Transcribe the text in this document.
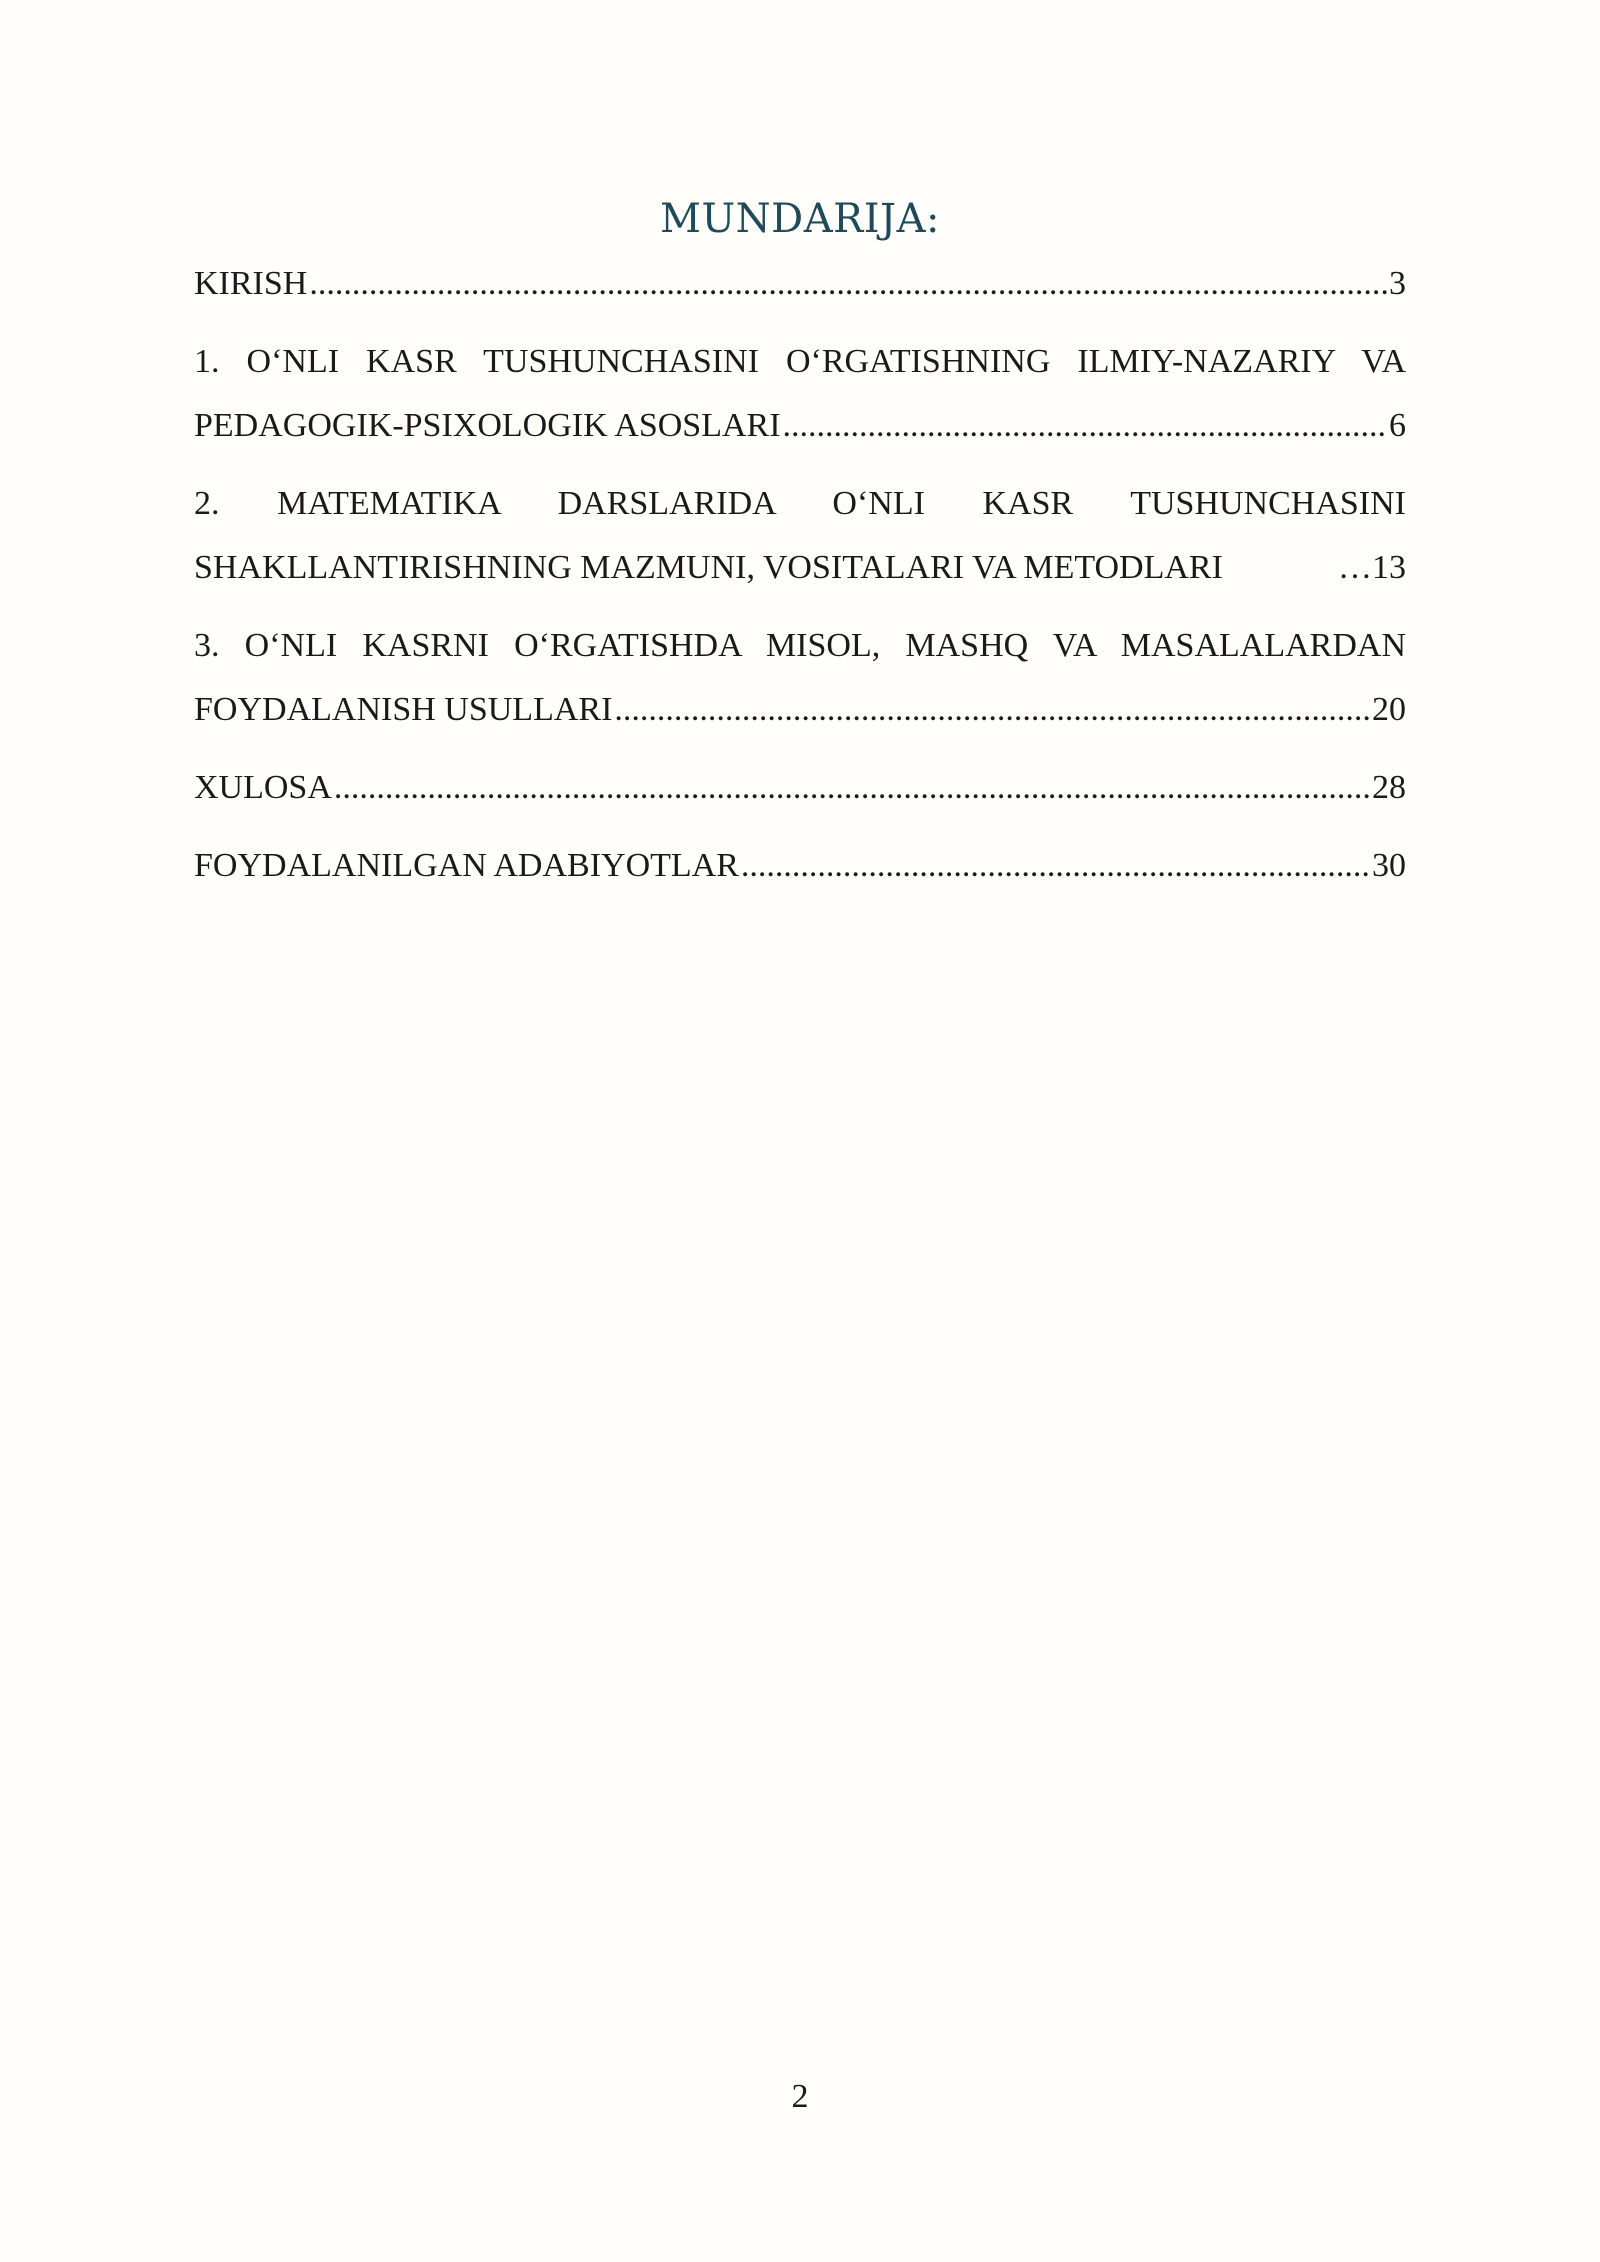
MUNDARIJA:
KIRISH .....	3
1. O‘NLI KASR TUSHUNCHASINI O‘RGATISHNING ILMIY-NAZARIY VA
PEDAGOGIK-PSIXOLOGIK ASOSLARI .....	6
2. MATEMATIKA DARSLARIDA O‘NLI KASR TUSHUNCHASINI
SHAKLLANTIRISHNING MAZMUNI, VOSITALARI VA METODLARI	… 13
3. O‘NLI KASRNI O‘RGATISHDA MISOL, MASHQ VA MASALALARDAN
FOYDALANISH USULLARI .....	20
XULOSA .....	28
FOYDALANILGAN ADABIYOTLAR .....	30
2
